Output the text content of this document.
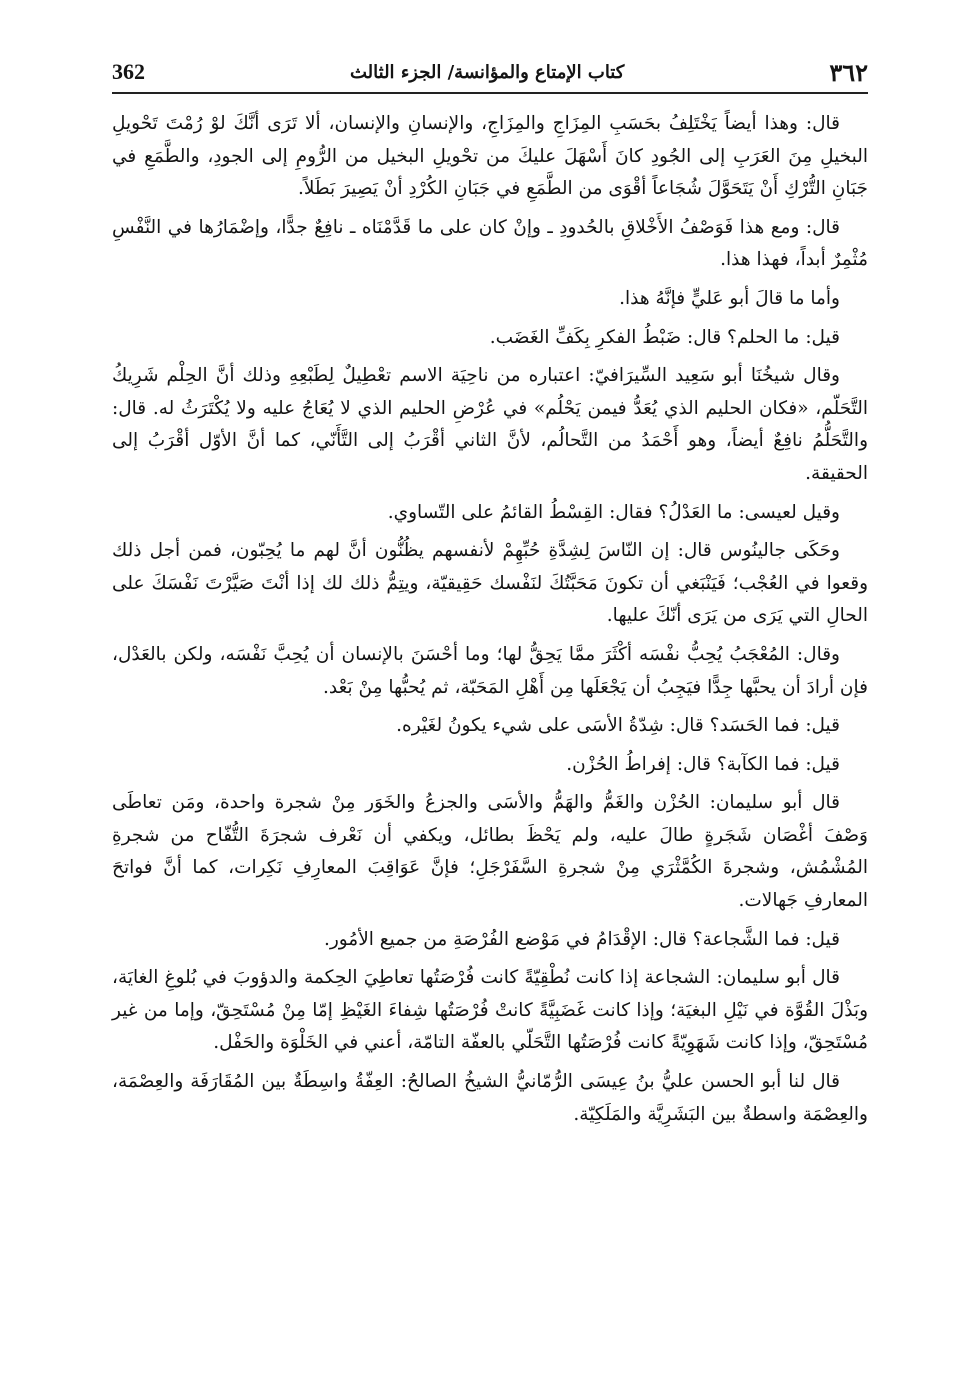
362	كتاب الإمتاع والمؤانسة/ الجزء الثالث	٣٦٢

قال: وهذا أيضاً يَخْتَلِفُ بحَسَبِ المِزَاجِ والمِزَاجِ، والإنسانِ والإنسان، ألا تَرَى أنَّكَ لوْ رُمْتَ تَحْويلِ البخيلِ مِنَ العَرَبِ إلى الجُودِ كانَ أَسْهَلَ عليكَ من تحْويلِ البخيل من الرُّومِ إلى الجودِ، والطَّمَعِ في جَبَانِ التُّرْكِ أَنْ يَتَحَوَّلَ شُجَاعاً أقْوَى من الطَّمَعِ في جَبَانِ الكُرْدِ أنْ يَصِيرَ بَطَلاً.

قال: ومع هذا فَوَصْفُ الأَخْلاقِ بالحُدودِ ـ وإنْ كان على ما قَدَّمْنَاه ـ نافِعٌ جدًّا، وإضْمَارُها في النَّفْسِ مُثْمِرٌ أبداً، فهذا هذا.

وأما ما قالَ أبو عَليٍّ فإنَّهُ هذا.

قيل: ما الحلم؟ قال: ضَبْطُ الفكرِ بِكَفِّ الغَضَب.

وقال شيخُنَا أبو سَعِيد السِّيرَافيّ: اعتباره من ناحِيَة الاسم تعْطِيلٌ لِطَبْعِهِ وذلك أنَّ الحِلْم شَرِيكُ التَّحَلّم، «فكان الحليم الذي يُعَدُّ فيمن يَحْلُم» في عُرْضِ الحليم الذي لا يُعَاجُ عليه ولا يُكْتَرَثُ له. قال: والتَّحَلُّمُ نافِعٌ أيضاً، وهو أَحْمَدُ من التَّحالُم، لأنَّ الثاني أقْرَبُ إلى التَّأَنّي، كما أنَّ الأوّل أقْرَبُ إلى الحقيقة.

وقيل لعيسى: ما العَدْلُ؟ فقال: القِسْطُ القائمُ على التّساوي.

وحَكَى جالينُوس قال: إن النّاسَ لِشِدَّةِ حُبِّهِمْ لأنفسهم يظُنُّون أنَّ لهم ما يُحِبّون، فمن أجل ذلك وقعوا في العُجْب؛ فَيَنْبَغي أن تكونَ مَحَبَّتُكَ لنَفْسك حَقِيقيّة، ويتِمُّ ذلك لك إذا أنْتَ صَيَّرْتَ نَفْسَكَ على الحالِ التي يَرَى من يَرَى أنّكَ عليها.

وقال: المُعْجَبُ يُحِبُّ نفْسَه أكْثَرَ ممَّا يَحِقُّ لها؛ وما أحْسَنَ بالإنسان أن يُحِبَّ نَفْسَه، ولكن بالعَدْل، فإن أرادَ أن يحبَّها جِدًّا فيَجِبُ أن يَجْعَلَها مِن أَهْلِ المَحَبّة، ثم يُحبُّها مِنْ بَعْد.

قيل: فما الحَسَد؟ قال: شِدّةُ الأسَى على شيء يكونُ لغَيْره.

قيل: فما الكآبة؟ قال: إفراطُ الحُزْن.

قال أبو سليمان: الحُزْن والغَمُّ والهَمُّ والأسَى والجزعُ والخَوَر مِنْ شجرة واحدة، ومَن تعاطَى وَصْفَ أغْصَان شَجَرةٍ طالَ عليه، ولم يَحْظَ بطائل، ويكفي أن نَعْرف شجرَةَ التُّفّاح من شجرةِ المُشْمُش، وشجرةَ الكُمَّثْرَي مِنْ شجرةِ السَّفَرْجَلِ؛ فإنَّ عَوَاقِبَ المعارِفِ نَكِرات، كما أنَّ فواتحَ المعارفِ جَهالات.

قيل: فما الشَّجاعة؟ قال: الإقْدَامُ في مَوْضع الفُرْصَةِ من جميع الأمُور.

قال أبو سليمان: الشجاعة إذا كانت نُطْقِيّةً كانت فُرْصَتُها تعاطِيَ الحِكمة والدؤوبَ في بُلوغِ الغايَة، وبَذْلَ القُوَّة في نَيْلِ البغيَة؛ وإذا كانت غَضَبِيَّةً كانتْ فُرْصَتُها شِفاءَ الغَيْظِ إمّا مِنْ مُسْتَحِقّ، وإما من غير مُسْتَحِقّ، وإذا كانت شَهَوِيّةً كانت فُرْصَتُها التَّحَلّي بالعفّة التامّة، أعني في الخَلْوَة والحَفْل.

قال لنا أبو الحسن عليُّ بنُ عِيسَى الرُّمّانيُّ الشيخُ الصالحُ: العِفّةُ واسِطَةٌ بين المُقَارَفَة والعِصْمَة، والعِصْمَة واسطةٌ بين البَشَرِيَّة والمَلَكِيّة.
